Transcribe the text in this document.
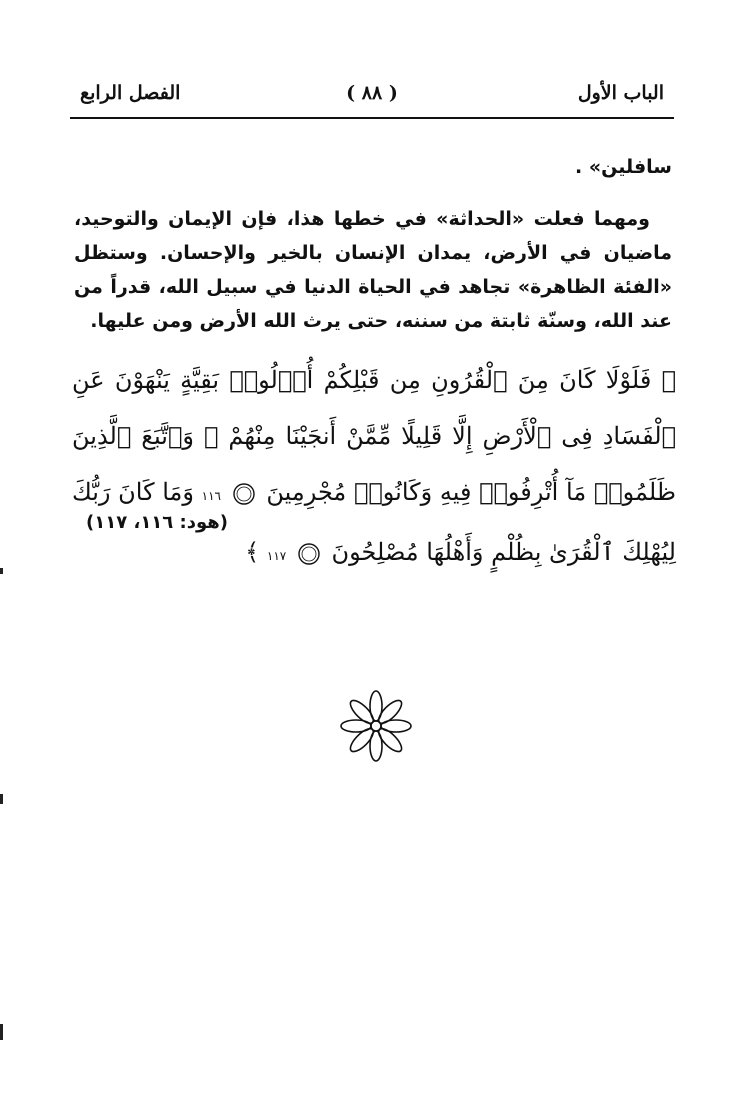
الباب الأول
( ٨٨ )
الفصل الرابع
سافلين» .
ومهما فعلت «الحداثة» في خطها هذا، فإن الإيمان والتوحيد، ماضيان في الأرض، يمدان الإنسان بالخير والإحسان. وستظل «الفئة الظاهرة» تجاهد في الحياة الدنيا في سبيل الله، قدراً من عند الله، وسنّة ثابتة من سننه، حتى يرث الله الأرض ومن عليها.
﴿ فَلَوْلَا كَانَ مِنَ ٱلْقُرُونِ مِن قَبْلِكُمْ أُو۟لُوا۟ بَقِيَّةٍ يَنْهَوْنَ عَنِ ٱلْفَسَادِ فِى ٱلْأَرْضِ إِلَّا قَلِيلًا مِّمَّنْ أَنجَيْنَا مِنْهُمْ ۗ وَٱتَّبَعَ ٱلَّذِينَ ظَلَمُوا۟ مَآ أُتْرِفُوا۟ فِيهِ وَكَانُوا۟ مُجْرِمِينَ  ١١٦ وَمَا كَانَ رَبُّكَ لِيُهْلِكَ ٱلْقُرَىٰ بِظُلْمٍ وَأَهْلُهَا مُصْلِحُونَ  ١١٧ ﴾
(هود: ١١٦، ١١٧)
